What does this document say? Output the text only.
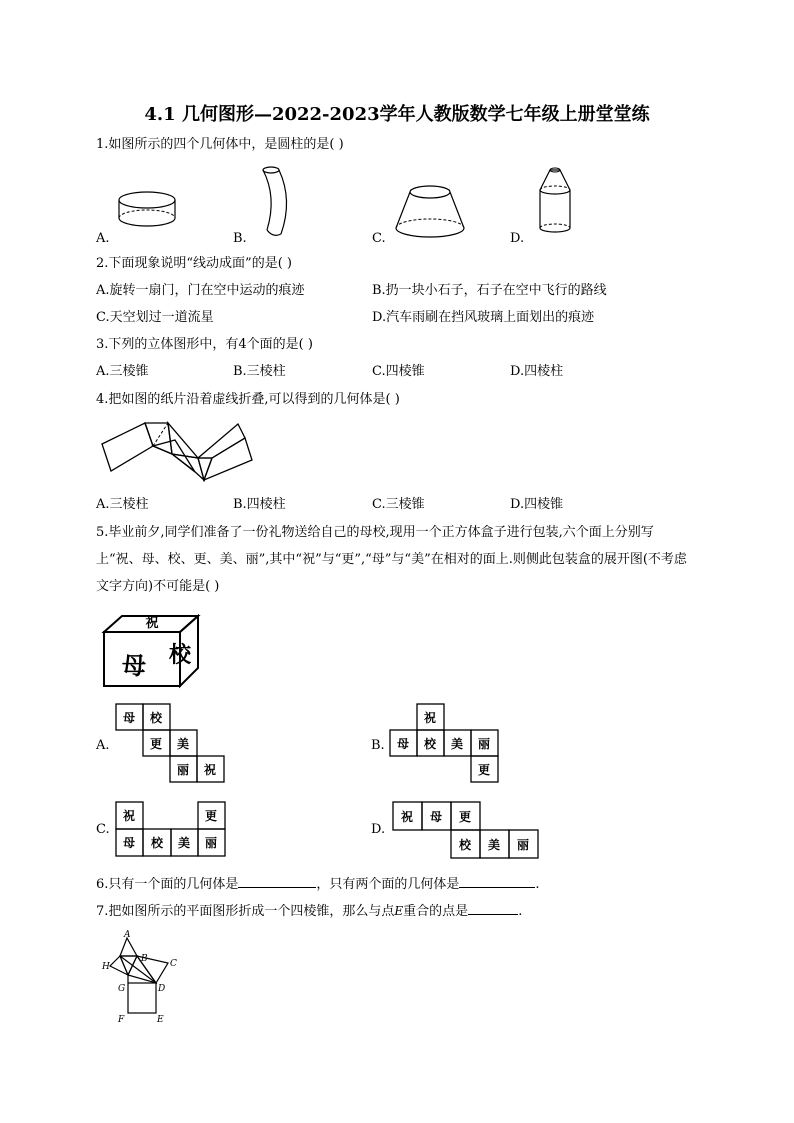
4.1 几何图形—2022-2023学年人教版数学七年级上册堂堂练
1.如图所示的四个几何体中，是圆柱的是( )
A.	B.	C.	D.
2.下面现象说明“线动成面”的是( )
A.旋转一扇门，门在空中运动的痕迹	B.扔一块小石子，石子在空中飞行的路线
C.天空划过一道流星	D.汽车雨刷在挡风玻璃上面划出的痕迹
3.下列的立体图形中，有4个面的是( )
A.三棱锥	B.三棱柱	C.四棱锥	D.四棱柱
4.把如图的纸片沿着虚线折叠,可以得到的几何体是( )
A.三棱柱	B.四棱柱	C.三棱锥	D.四棱锥
5.毕业前夕,同学们准备了一份礼物送给自己的母校,现用一个正方体盒子进行包装,六个面上分别写上“祝、母、校、更、美、丽”,其中“祝”与“更”,“母”与“美”在相对的面上.则侧此包装盒的展开图(不考虑文字方向)不可能是( )
祝
母 校
A.
母 校
更 美
丽 祝
B.
祝
母 校 美 丽
更
C.
祝	更
母 校 美 丽
D.
祝 母 更
校 美 丽
6.只有一个面的几何体是	，只有两个面的几何体是	.
7.把如图所示的平面图形折成一个四棱锥，那么与点E重合的点是	.
A
H
B C
G	D
F	E
